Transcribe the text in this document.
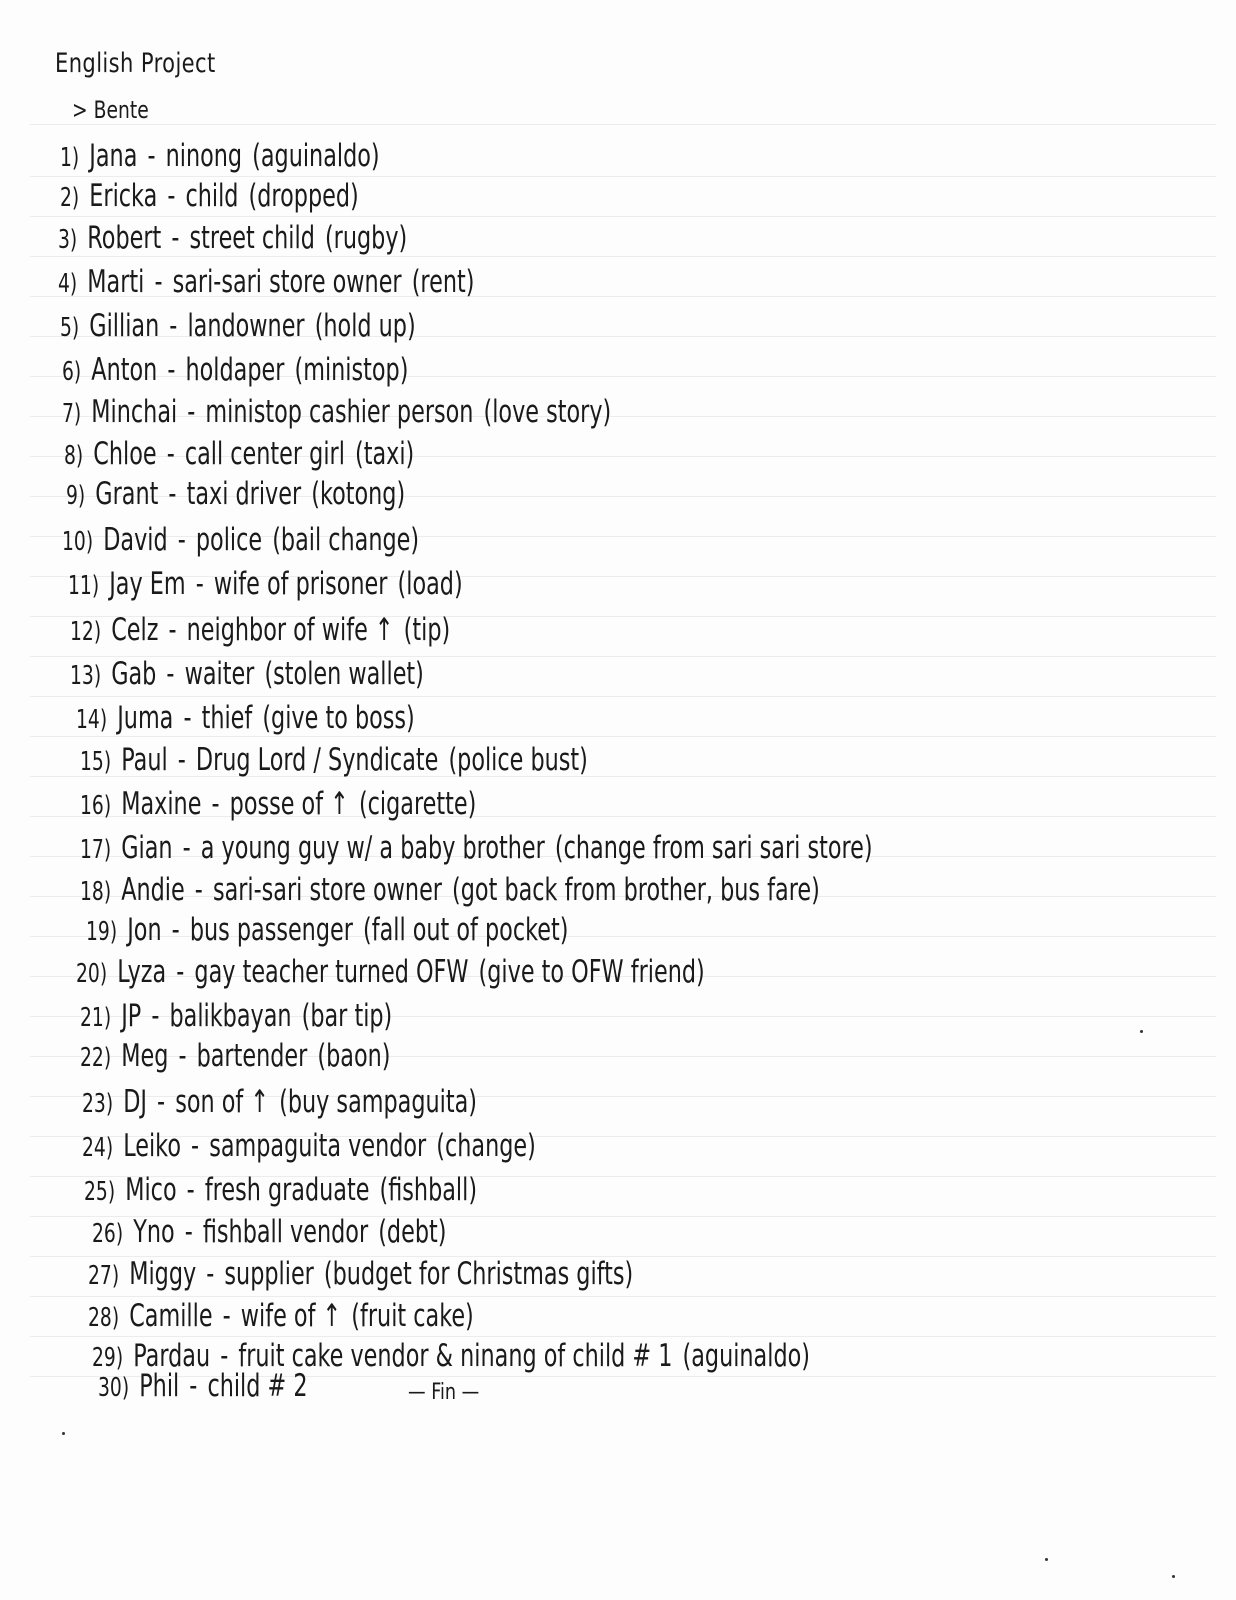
English Project
> Bente
1) Jana - ninong (aguinaldo)
2) Ericka - child (dropped)
3) Robert - street child (rugby)
4) Marti - sari-sari store owner (rent)
5) Gillian - landowner (hold up)
6) Anton - holdaper (ministop)
7) Minchai - ministop cashier person (love story)
8) Chloe - call center girl (taxi)
9) Grant - taxi driver (kotong)
10) David - police (bail change)
11) Jay Em - wife of prisoner (load)
12) Celz - neighbor of wife ↑ (tip)
13) Gab - waiter (stolen wallet)
14) Juma - thief (give to boss)
15) Paul - Drug Lord / Syndicate (police bust)
16) Maxine - posse of ↑ (cigarette)
17) Gian - a young guy w/ a baby brother (change from sari sari store)
18) Andie - sari-sari store owner (got back from brother, bus fare)
19) Jon - bus passenger (fall out of pocket)
20) Lyza - gay teacher turned OFW (give to OFW friend)
21) JP - balikbayan (bar tip)
22) Meg - bartender (baon)
23) DJ - son of ↑ (buy sampaguita)
24) Leiko - sampaguita vendor (change)
25) Mico - fresh graduate (fishball)
26) Yno - fishball vendor (debt)
27) Miggy - supplier (budget for Christmas gifts)
28) Camille - wife of ↑ (fruit cake)
29) Pardau - fruit cake vendor & ninang of child # 1 (aguinaldo)
30) Phil - child # 2	— Fin —
